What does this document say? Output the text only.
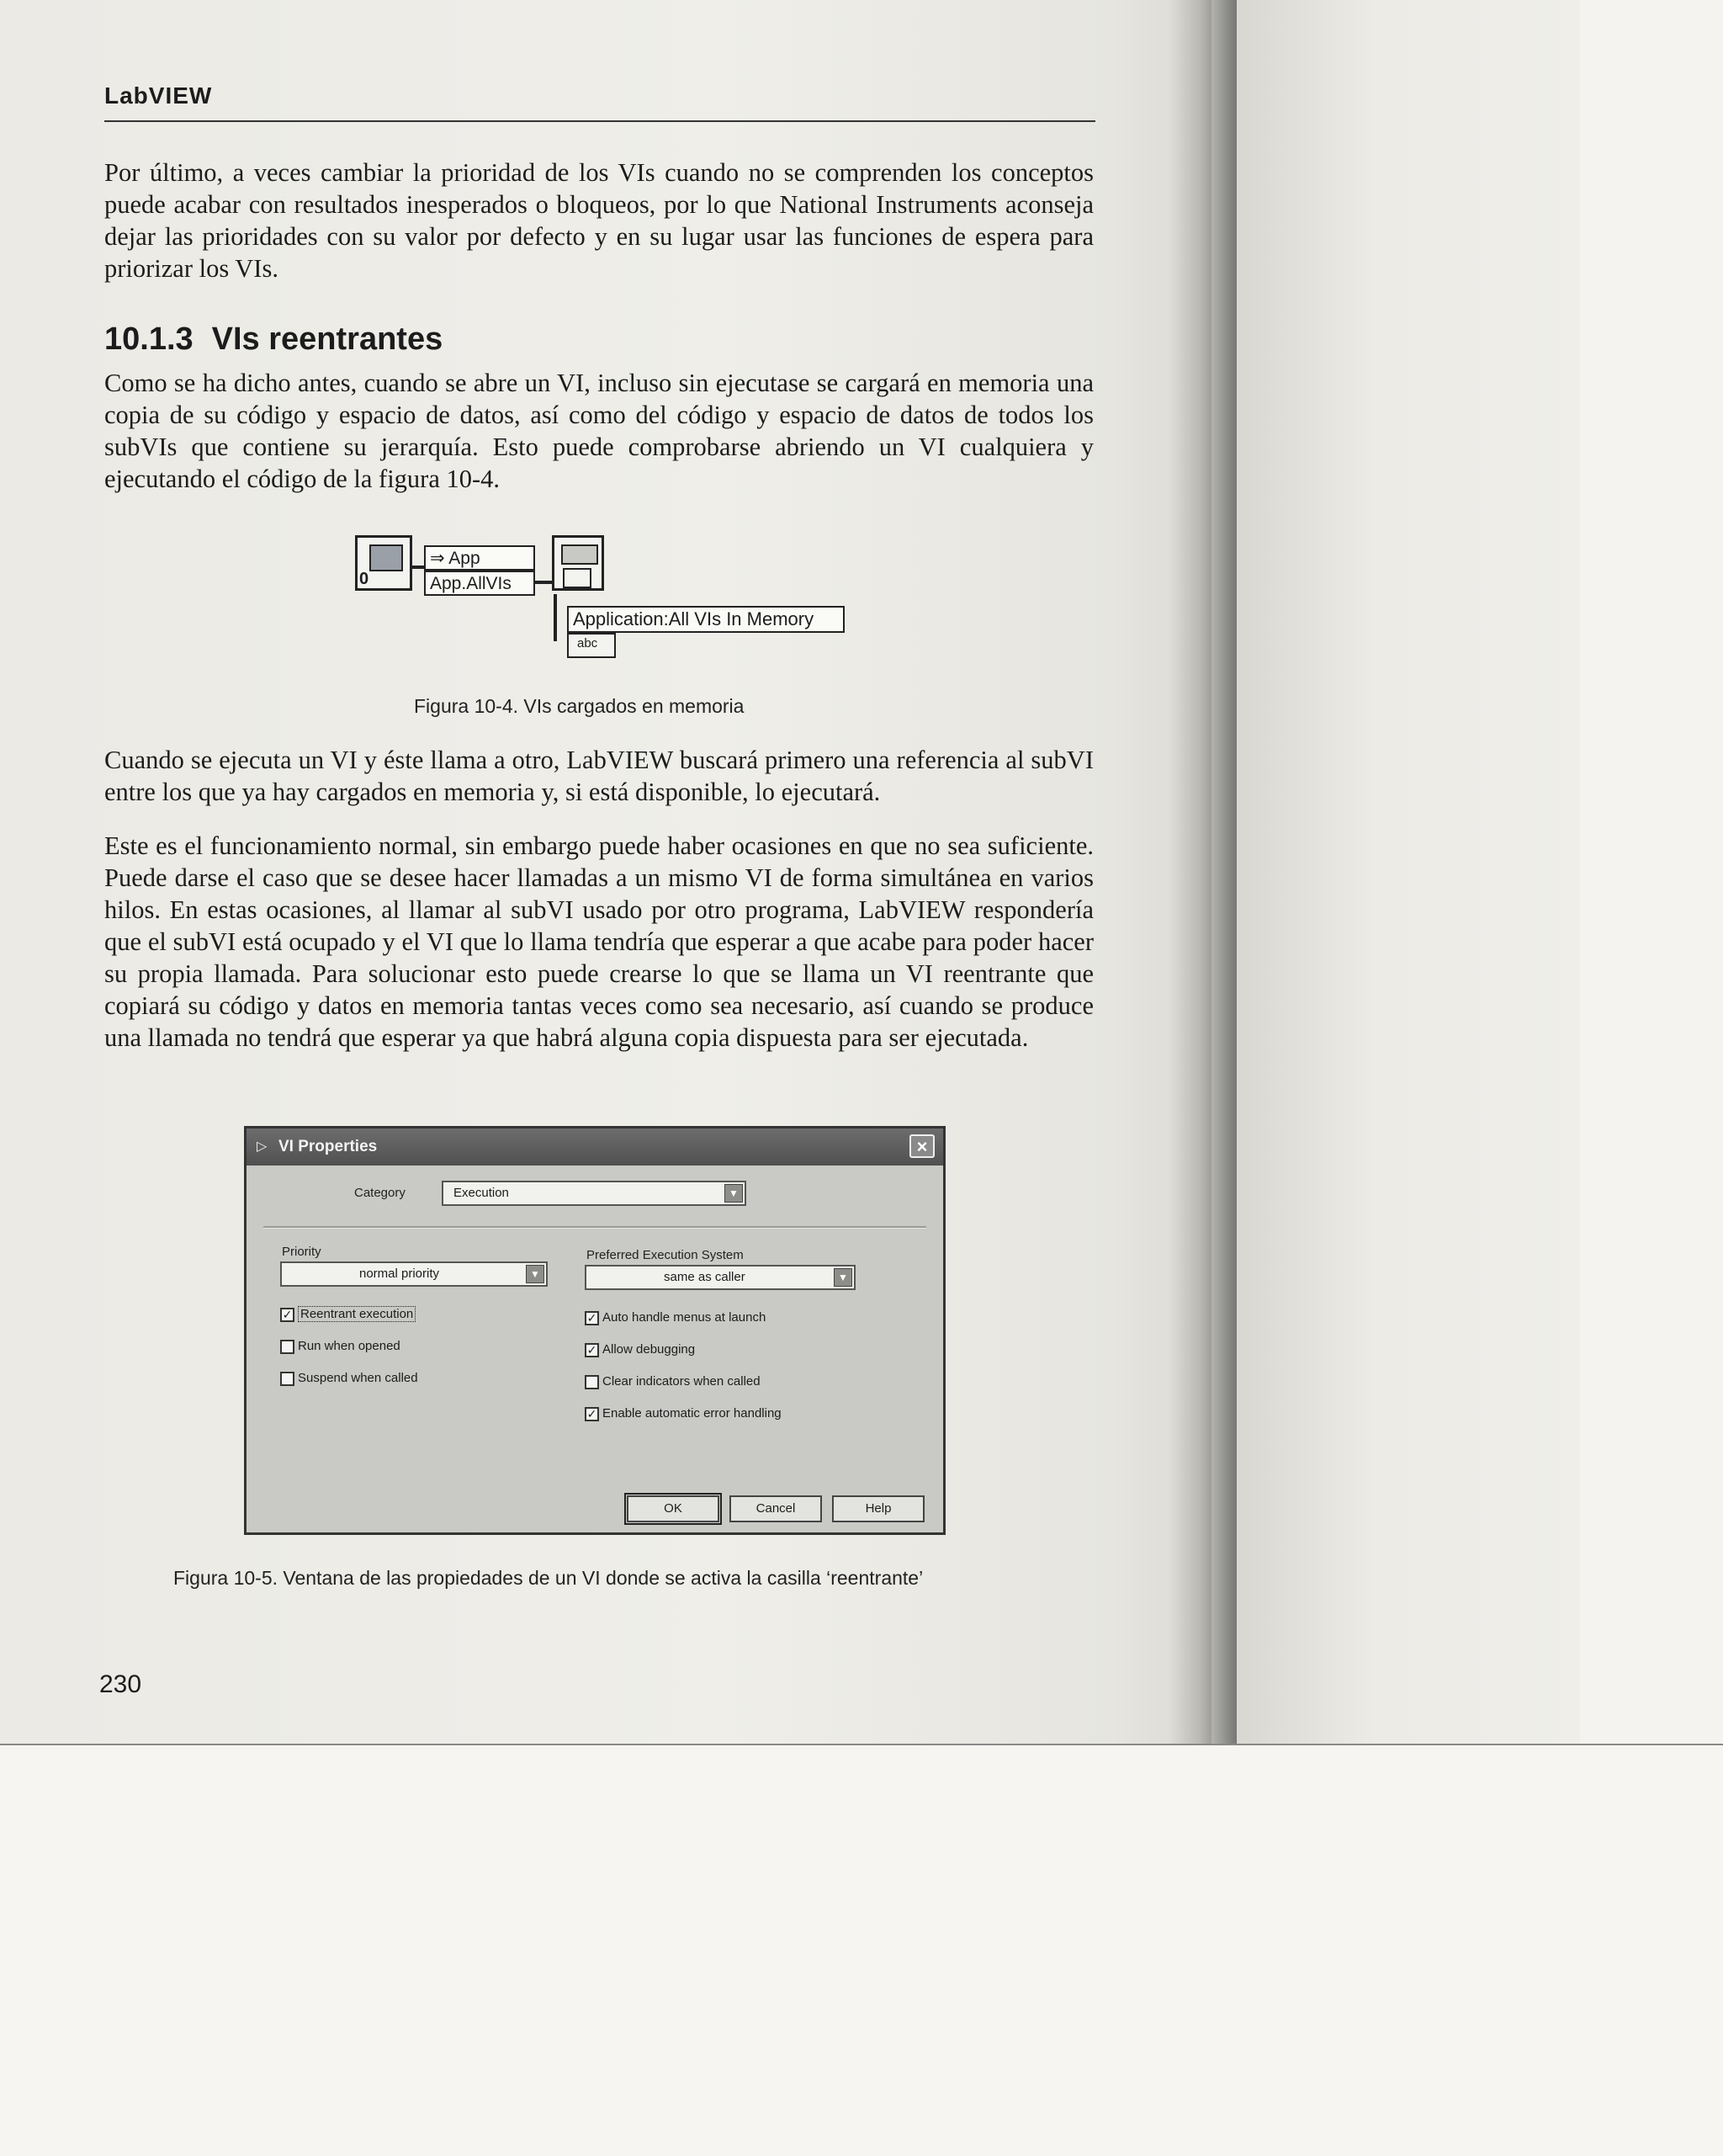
LabVIEW

Por último, a veces cambiar la prioridad de los VIs cuando no se comprenden los conceptos puede acabar con resultados inesperados o bloqueos, por lo que National Instruments aconseja dejar las prioridades con su valor por defecto y en su lugar usar las funciones de espera para priorizar los VIs.

10.1.3 VIs reentrantes

Como se ha dicho antes, cuando se abre un VI, incluso sin ejecutase se cargará en memoria una copia de su código y espacio de datos, así como del código y espacio de datos de todos los subVIs que contiene su jerarquía. Esto puede comprobarse abriendo un VI cualquiera y ejecutando el código de la figura 10-4.

0
⇒ App
App.AllVIs
Application:All VIs In Memory
abc
Figura 10-4. VIs cargados en memoria

Cuando se ejecuta un VI y éste llama a otro, LabVIEW buscará primero una referencia al subVI entre los que ya hay cargados en memoria y, si está disponible, lo ejecutará.

Este es el funcionamiento normal, sin embargo puede haber ocasiones en que no sea suficiente. Puede darse el caso que se desee hacer llamadas a un mismo VI de forma simultánea en varios hilos. En estas ocasiones, al llamar al subVI usado por otro programa, LabVIEW respondería que el subVI está ocupado y el VI que lo llama tendría que esperar a que acabe para poder hacer su propia llamada. Para solucionar esto puede crearse lo que se llama un VI reentrante que copiará su código y datos en memoria tantas veces como sea necesario, así cuando se produce una llamada no tendrá que esperar ya que habrá alguna copia dispuesta para ser ejecutada.

▷ VI Properties	×
Category	Execution	▼
Priority
normal priority	▼
Preferred Execution System
same as caller	▼
✓ Reentrant execution
Run when opened
Suspend when called
✓ Auto handle menus at launch
✓ Allow debugging
Clear indicators when called
✓ Enable automatic error handling
OK	Cancel	Help
Figura 10-5. Ventana de las propiedades de un VI donde se activa la casilla ‘reentrante’
230
